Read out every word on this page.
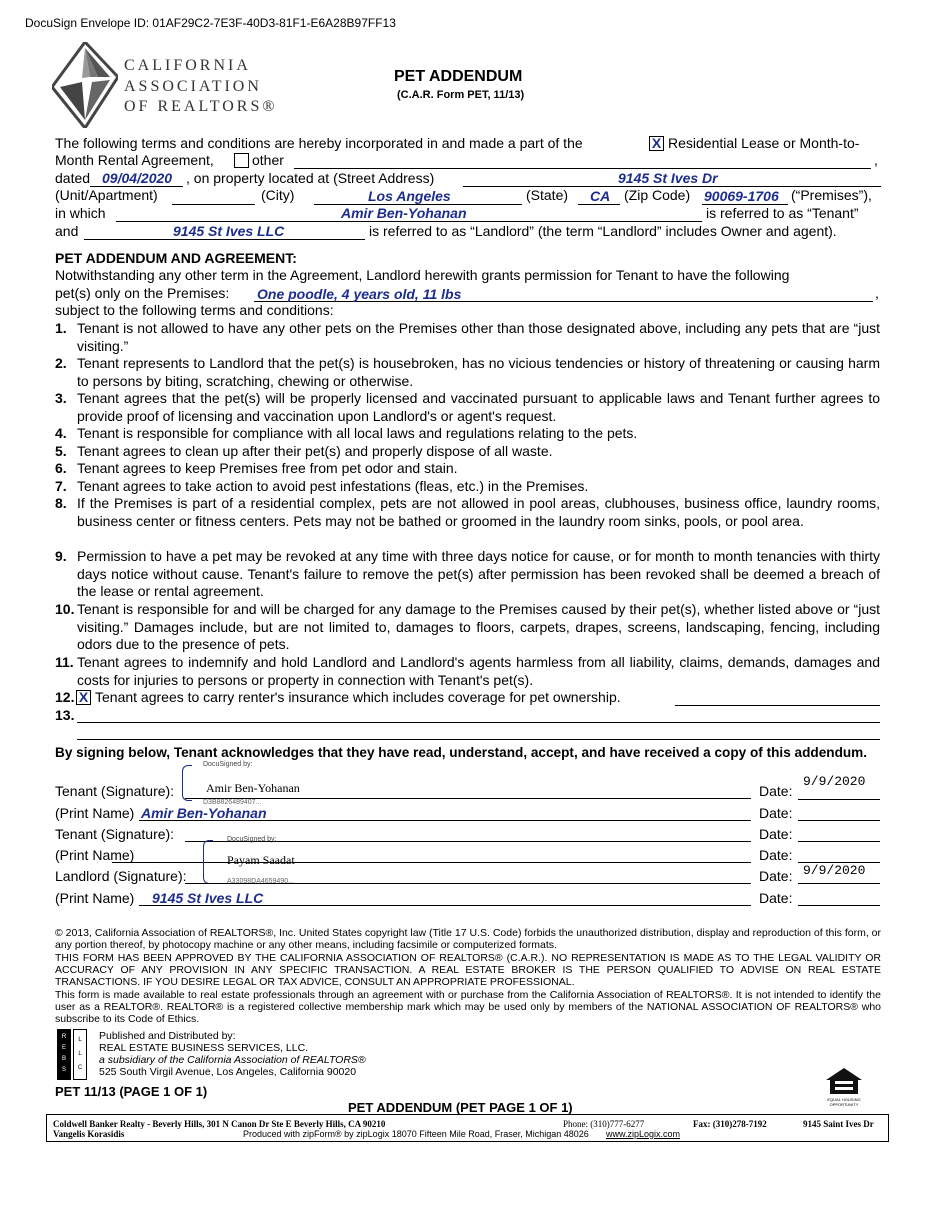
DocuSign Envelope ID: 01AF29C2-7E3F-40D3-81F1-E6A28B97FF13
CALIFORNIA
ASSOCIATION
OF REALTORS®
PET ADDENDUM
(C.A.R. Form PET, 11/13)
The following terms and conditions are hereby incorporated in and made a part of the	X Residential Lease or Month-to-
Month Rental Agreement,	other	,
dated 09/04/2020 , on property located at (Street Address)	9145 St Ives Dr
(Unit/Apartment)	(City)	Los Angeles	(State) CA (Zip Code) 90069-1706 (“Premises”),
in which	Amir Ben-Yohanan	is referred to as “Tenant”
and	9145 St Ives LLC	is referred to as “Landlord” (the term “Landlord” includes Owner and agent).
PET ADDENDUM AND AGREEMENT:
Notwithstanding any other term in the Agreement, Landlord herewith grants permission for Tenant to have the following
pet(s) only on the Premises: One poodle, 4 years old, 11 lbs	,
subject to the following terms and conditions:
1. Tenant is not allowed to have any other pets on the Premises other than those designated above, including any pets that are “just visiting.”
2. Tenant represents to Landlord that the pet(s) is housebroken, has no vicious tendencies or history of threatening or causing harm to persons by biting, scratching, chewing or otherwise.
3. Tenant agrees that the pet(s) will be properly licensed and vaccinated pursuant to applicable laws and Tenant further agrees to provide proof of licensing and vaccination upon Landlord's or agent's request.
4. Tenant is responsible for compliance with all local laws and regulations relating to the pets.
5. Tenant agrees to clean up after their pet(s) and properly dispose of all waste.
6. Tenant agrees to keep Premises free from pet odor and stain.
7. Tenant agrees to take action to avoid pest infestations (fleas, etc.) in the Premises.
8. If the Premises is part of a residential complex, pets are not allowed in pool areas, clubhouses, business office, laundry rooms, business center or fitness centers. Pets may not be bathed or groomed in the laundry room sinks, pools, or pool area.
9. Permission to have a pet may be revoked at any time with three days notice for cause, or for month to month tenancies with thirty days notice without cause. Tenant's failure to remove the pet(s) after permission has been revoked shall be deemed a breach of the lease or rental agreement.
10. Tenant is responsible for and will be charged for any damage to the Premises caused by their pet(s), whether listed above or “just visiting.” Damages include, but are not limited to, damages to floors, carpets, drapes, screens, landscaping, fencing, including odors due to the presence of pets.
11. Tenant agrees to indemnify and hold Landlord and Landlord's agents harmless from all liability, claims, demands, damages and costs for injuries to persons or property in connection with Tenant's pet(s).
12. X Tenant agrees to carry renter's insurance which includes coverage for pet ownership.
13.
By signing below, Tenant acknowledges that they have read, understand, accept, and have received a copy of this addendum.
Tenant (Signature):
DocuSigned by:
Amir Ben-Yohanan
D3B8826489407...
Date:
9/9/2020
(Print Name) Amir Ben-Yohanan	Date:
Tenant (Signature):	Date:
(Print Name)	Date:
DocuSigned by:
Payam Saadat
A33098DA4659490...
Landlord (Signature):	Date: 9/9/2020
(Print Name) 9145 St Ives LLC	Date:
© 2013, California Association of REALTORS®, Inc. United States copyright law (Title 17 U.S. Code) forbids the unauthorized distribution, display and reproduction of this form, or any portion thereof, by photocopy machine or any other means, including facsimile or computerized formats.
THIS FORM HAS BEEN APPROVED BY THE CALIFORNIA ASSOCIATION OF REALTORS® (C.A.R.). NO REPRESENTATION IS MADE AS TO THE LEGAL VALIDITY OR ACCURACY OF ANY PROVISION IN ANY SPECIFIC TRANSACTION. A REAL ESTATE BROKER IS THE PERSON QUALIFIED TO ADVISE ON REAL ESTATE TRANSACTIONS. IF YOU DESIRE LEGAL OR TAX ADVICE, CONSULT AN APPROPRIATE PROFESSIONAL.
This form is made available to real estate professionals through an agreement with or purchase from the California Association of REALTORS®. It is not intended to identify the user as a REALTOR®. REALTOR® is a registered collective membership mark which may be used only by members of the NATIONAL ASSOCIATION OF REALTORS® who subscribe to its Code of Ethics.
R E B S
L L C
Published and Distributed by:
REAL ESTATE BUSINESS SERVICES, LLC.
a subsidiary of the California Association of REALTORS®
525 South Virgil Avenue, Los Angeles, California 90020
PET 11/13 (PAGE 1 OF 1)
PET ADDENDUM (PET PAGE 1 OF 1)
EQUAL HOUSING OPPORTUNITY
Coldwell Banker Realty - Beverly Hills, 301 N Canon Dr Ste E Beverly Hills, CA 90210	Phone: (310)777-6277	Fax: (310)278-7192	9145 Saint Ives Dr
Vangelis Korasidis	Produced with zipForm® by zipLogix 18070 Fifteen Mile Road, Fraser, Michigan 48026 www.zipLogix.com
